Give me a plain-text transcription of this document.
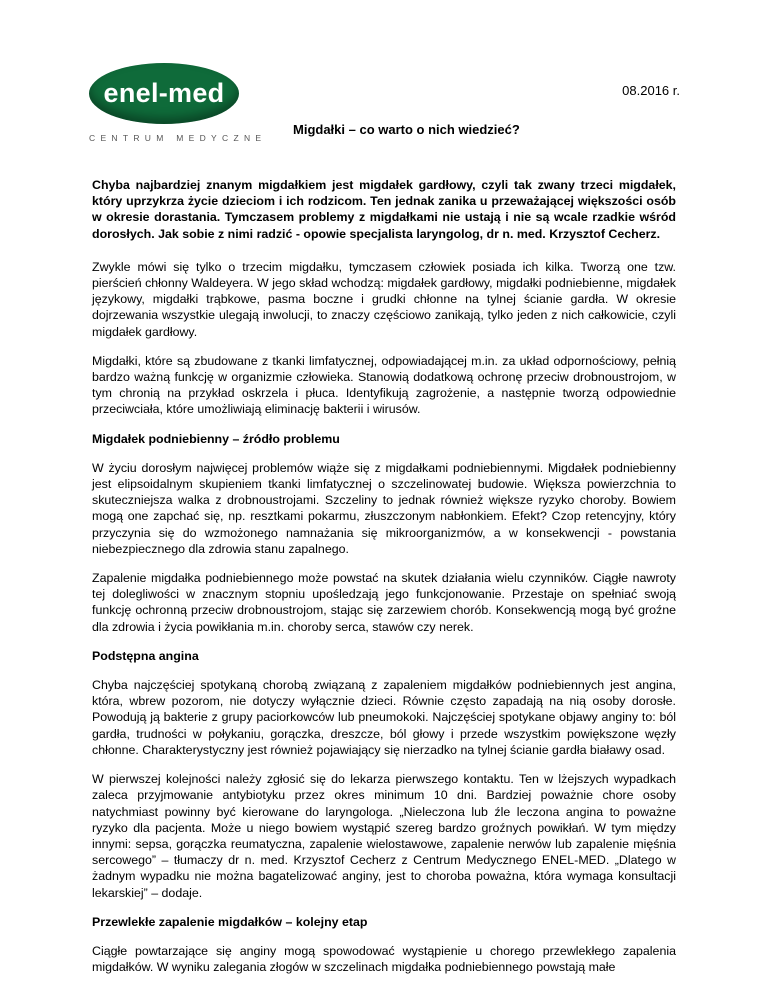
enel-med
CENTRUM MEDYCZNE
08.2016 r.
Migdałki – co warto o nich wiedzieć?

Chyba najbardziej znanym migdałkiem jest migdałek gardłowy, czyli tak zwany trzeci migdałek, który uprzykrza życie dzieciom i ich rodzicom. Ten jednak zanika u przeważającej większości osób w okresie dorastania. Tymczasem problemy z migdałkami nie ustają i nie są wcale rzadkie wśród dorosłych. Jak sobie z nimi radzić - opowie specjalista laryngolog, dr n. med. Krzysztof Cecherz.

Zwykle mówi się tylko o trzecim migdałku, tymczasem człowiek posiada ich kilka. Tworzą one tzw. pierścień chłonny Waldeyera. W jego skład wchodzą: migdałek gardłowy, migdałki podniebienne, migdałek językowy, migdałki trąbkowe, pasma boczne i grudki chłonne na tylnej ścianie gardła. W okresie dojrzewania wszystkie ulegają inwolucji, to znaczy częściowo zanikają, tylko jeden z nich całkowicie, czyli migdałek gardłowy.

Migdałki, które są zbudowane z tkanki limfatycznej, odpowiadającej m.in. za układ odpornościowy, pełnią bardzo ważną funkcję w organizmie człowieka. Stanowią dodatkową ochronę przeciw drobnoustrojom, w tym chronią na przykład oskrzela i płuca. Identyfikują zagrożenie, a następnie tworzą odpowiednie przeciwciała, które umożliwiają eliminację bakterii i wirusów.

Migdałek podniebienny – źródło problemu

W życiu dorosłym najwięcej problemów wiąże się z migdałkami podniebiennymi. Migdałek podniebienny jest elipsoidalnym skupieniem tkanki limfatycznej o szczelinowatej budowie. Większa powierzchnia to skuteczniejsza walka z drobnoustrojami. Szczeliny to jednak również większe ryzyko choroby. Bowiem mogą one zapchać się, np. resztkami pokarmu, złuszczonym nabłonkiem. Efekt? Czop retencyjny, który przyczynia się do wzmożonego namnażania się mikroorganizmów, a w konsekwencji - powstania niebezpiecznego dla zdrowia stanu zapalnego.

Zapalenie migdałka podniebiennego może powstać na skutek działania wielu czynników. Ciągłe nawroty tej dolegliwości w znacznym stopniu upośledzają jego funkcjonowanie. Przestaje on spełniać swoją funkcję ochronną przeciw drobnoustrojom, stając się zarzewiem chorób. Konsekwencją mogą być groźne dla zdrowia i życia powikłania m.in. choroby serca, stawów czy nerek.

Podstępna angina

Chyba najczęściej spotykaną chorobą związaną z zapaleniem migdałków podniebiennych jest angina, która, wbrew pozorom, nie dotyczy wyłącznie dzieci. Równie często zapadają na nią osoby dorosłe. Powodują ją bakterie z grupy paciorkowców lub pneumokoki. Najczęściej spotykane objawy anginy to: ból gardła, trudności w połykaniu, gorączka, dreszcze, ból głowy i przede wszystkim powiększone węzły chłonne. Charakterystyczny jest również pojawiający się nierzadko na tylnej ścianie gardła białawy osad.

W pierwszej kolejności należy zgłosić się do lekarza pierwszego kontaktu. Ten w lżejszych wypadkach zaleca przyjmowanie antybiotyku przez okres minimum 10 dni. Bardziej poważnie chore osoby natychmiast powinny być kierowane do laryngologa. „Nieleczona lub źle leczona angina to poważne ryzyko dla pacjenta. Może u niego bowiem wystąpić szereg bardzo groźnych powikłań. W tym między innymi: sepsa, gorączka reumatyczna, zapalenie wielostawowe, zapalenie nerwów lub zapalenie mięśnia sercowego” – tłumaczy dr n. med. Krzysztof Cecherz z Centrum Medycznego ENEL-MED. „Dlatego w żadnym wypadku nie można bagatelizować anginy, jest to choroba poważna, która wymaga konsultacji lekarskiej” – dodaje.

Przewlekłe zapalenie migdałków – kolejny etap

Ciągłe powtarzające się anginy mogą spowodować wystąpienie u chorego przewlekłego zapalenia migdałków. W wyniku zalegania złogów w szczelinach migdałka podniebiennego powstają małe
